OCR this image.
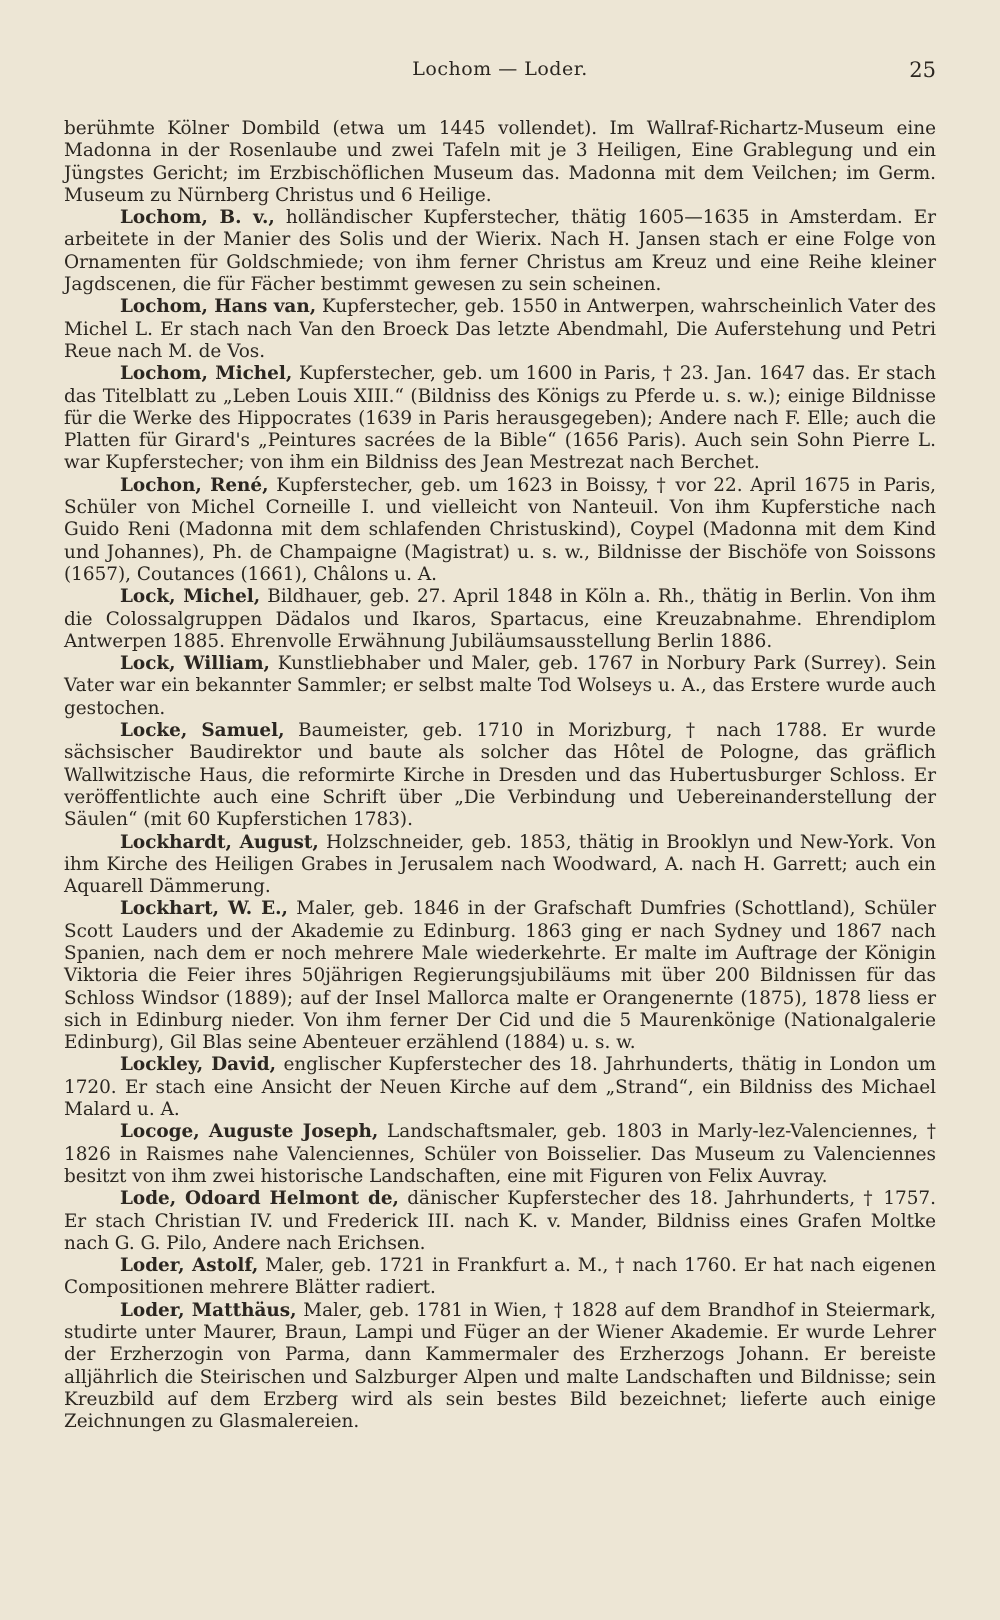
Lochom — Loder.	25

berühmte Kölner Dombild (etwa um 1445 vollendet). Im Wallraf-Richartz-Museum eine Madonna in der Rosenlaube und zwei Tafeln mit je 3 Heiligen, Eine Grablegung und ein Jüngstes Gericht; im Erzbischöflichen Museum das. Madonna mit dem Veilchen; im Germ. Museum zu Nürnberg Christus und 6 Heilige.

Lochom, B. v., holländischer Kupferstecher, thätig 1605—1635 in Amsterdam. Er arbeitete in der Manier des Solis und der Wierix. Nach H. Jansen stach er eine Folge von Ornamenten für Goldschmiede; von ihm ferner Christus am Kreuz und eine Reihe kleiner Jagdscenen, die für Fächer bestimmt gewesen zu sein scheinen.

Lochom, Hans van, Kupferstecher, geb. 1550 in Antwerpen, wahrscheinlich Vater des Michel L. Er stach nach Van den Broeck Das letzte Abendmahl, Die Auferstehung und Petri Reue nach M. de Vos.

Lochom, Michel, Kupferstecher, geb. um 1600 in Paris, † 23. Jan. 1647 das. Er stach das Titelblatt zu „Leben Louis XIII.“ (Bildniss des Königs zu Pferde u. s. w.); einige Bildnisse für die Werke des Hippocrates (1639 in Paris herausgegeben); Andere nach F. Elle; auch die Platten für Girard's „Peintures sacrées de la Bible“ (1656 Paris). Auch sein Sohn Pierre L. war Kupferstecher; von ihm ein Bildniss des Jean Mestrezat nach Berchet.

Lochon, René, Kupferstecher, geb. um 1623 in Boissy, † vor 22. April 1675 in Paris, Schüler von Michel Corneille I. und vielleicht von Nanteuil. Von ihm Kupferstiche nach Guido Reni (Madonna mit dem schlafenden Christuskind), Coypel (Madonna mit dem Kind und Johannes), Ph. de Champaigne (Magistrat) u. s. w., Bildnisse der Bischöfe von Soissons (1657), Coutances (1661), Châlons u. A.

Lock, Michel, Bildhauer, geb. 27. April 1848 in Köln a. Rh., thätig in Berlin. Von ihm die Colossalgruppen Dädalos und Ikaros, Spartacus, eine Kreuzabnahme. Ehrendiplom Antwerpen 1885. Ehrenvolle Erwähnung Jubiläumsausstellung Berlin 1886.

Lock, William, Kunstliebhaber und Maler, geb. 1767 in Norbury Park (Surrey). Sein Vater war ein bekannter Sammler; er selbst malte Tod Wolseys u. A., das Erstere wurde auch gestochen.

Locke, Samuel, Baumeister, geb. 1710 in Morizburg, † nach 1788. Er wurde sächsischer Baudirektor und baute als solcher das Hôtel de Pologne, das gräflich Wallwitzische Haus, die reformirte Kirche in Dresden und das Hubertusburger Schloss. Er veröffentlichte auch eine Schrift über „Die Verbindung und Uebereinanderstellung der Säulen“ (mit 60 Kupferstichen 1783).

Lockhardt, August, Holzschneider, geb. 1853, thätig in Brooklyn und New-York. Von ihm Kirche des Heiligen Grabes in Jerusalem nach Woodward, A. nach H. Garrett; auch ein Aquarell Dämmerung.

Lockhart, W. E., Maler, geb. 1846 in der Grafschaft Dumfries (Schottland), Schüler Scott Lauders und der Akademie zu Edinburg. 1863 ging er nach Sydney und 1867 nach Spanien, nach dem er noch mehrere Male wiederkehrte. Er malte im Auftrage der Königin Viktoria die Feier ihres 50jährigen Regierungsjubiläums mit über 200 Bildnissen für das Schloss Windsor (1889); auf der Insel Mallorca malte er Orangenernte (1875), 1878 liess er sich in Edinburg nieder. Von ihm ferner Der Cid und die 5 Maurenkönige (Nationalgalerie Edinburg), Gil Blas seine Abenteuer erzählend (1884) u. s. w.

Lockley, David, englischer Kupferstecher des 18. Jahrhunderts, thätig in London um 1720. Er stach eine Ansicht der Neuen Kirche auf dem „Strand“, ein Bildniss des Michael Malard u. A.

Locoge, Auguste Joseph, Landschaftsmaler, geb. 1803 in Marly-lez-Valenciennes, † 1826 in Raismes nahe Valenciennes, Schüler von Boisselier. Das Museum zu Valenciennes besitzt von ihm zwei historische Landschaften, eine mit Figuren von Felix Auvray.

Lode, Odoard Helmont de, dänischer Kupferstecher des 18. Jahrhunderts, † 1757. Er stach Christian IV. und Frederick III. nach K. v. Mander, Bildniss eines Grafen Moltke nach G. G. Pilo, Andere nach Erichsen.

Loder, Astolf, Maler, geb. 1721 in Frankfurt a. M., † nach 1760. Er hat nach eigenen Compositionen mehrere Blätter radiert.

Loder, Matthäus, Maler, geb. 1781 in Wien, † 1828 auf dem Brandhof in Steiermark, studirte unter Maurer, Braun, Lampi und Füger an der Wiener Akademie. Er wurde Lehrer der Erzherzogin von Parma, dann Kammermaler des Erzherzogs Johann. Er bereiste alljährlich die Steirischen und Salzburger Alpen und malte Landschaften und Bildnisse; sein Kreuzbild auf dem Erzberg wird als sein bestes Bild bezeichnet; lieferte auch einige Zeichnungen zu Glasmalereien.
